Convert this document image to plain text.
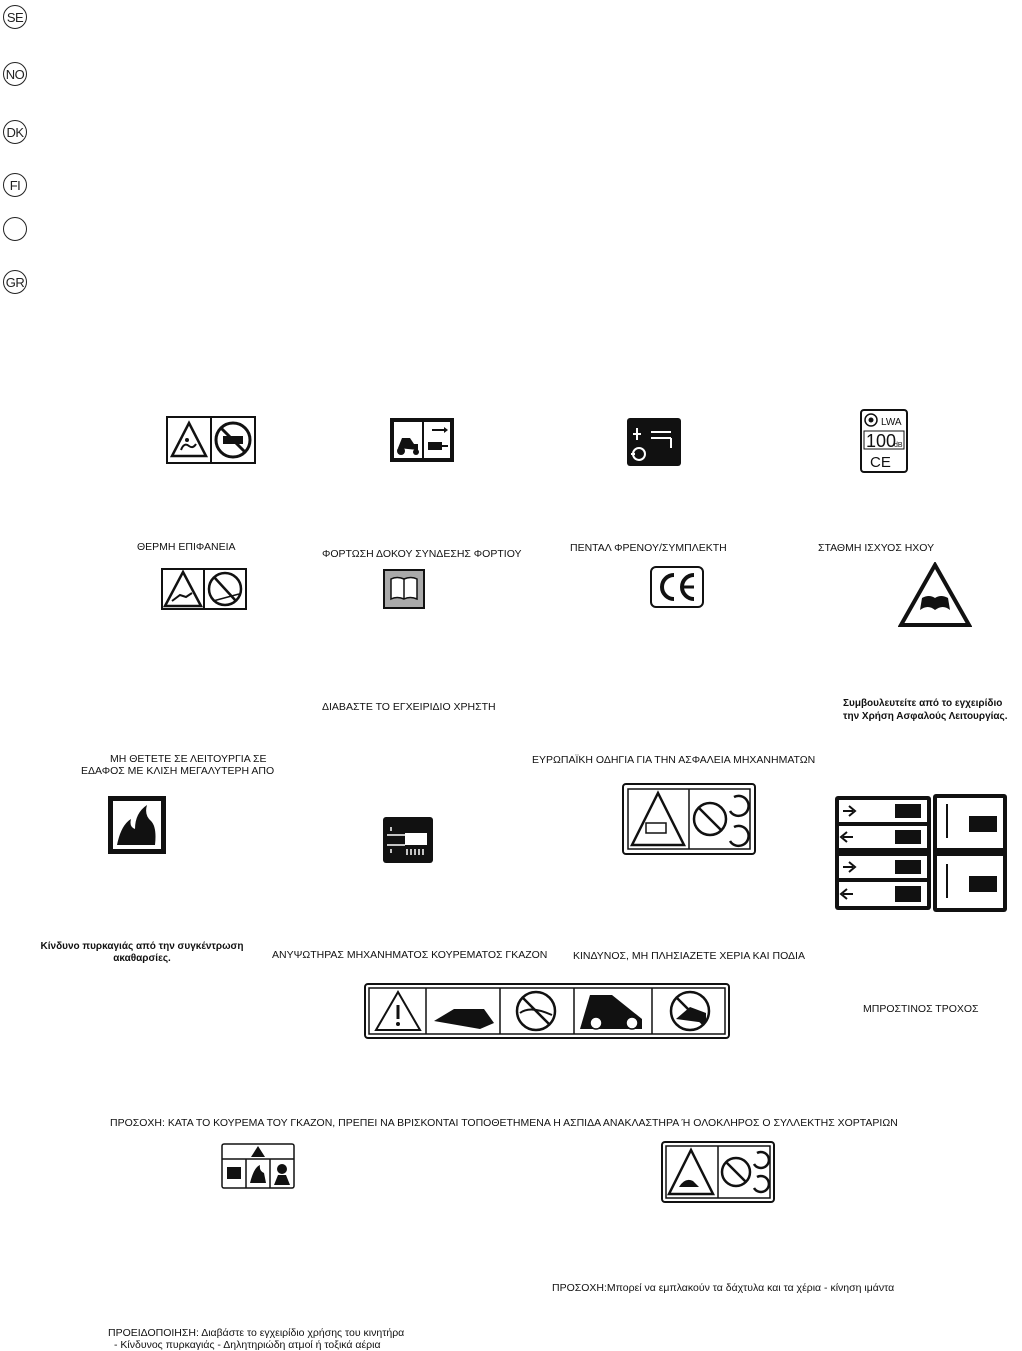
SE
NO
DK
FI
GR
LWA
100
dB
CE
ΘΕΡΜΗ ΕΠΙΦΑΝΕΙΑ
ΦΟΡΤΩΣΗ ΔΟΚΟΥ ΣΥΝΔΕΣΗΣ ΦΟΡΤΙΟΥ	ΠΕΝΤΑΛ ΦΡΕΝΟΥ/ΣΥΜΠΛΕΚΤΗ	ΣΤΑΘΜΗ ΙΣΧΥΟΣ ΗΧΟΥ
ΔΙΑΒΑΣΤΕ ΤΟ ΕΓΧΕΙΡΙΔΙΟ ΧΡΗΣΤΗ	Συμβουλευτείτε από το εγχειρίδιο
την Χρήση Ασφαλούς Λειτουργίας.
ΜΗ ΘΕΤΕΤΕ ΣΕ ΛΕΙΤΟΥΡΓΙΑ ΣΕ
ΕΔΑΦΟΣ ΜΕ ΚΛΙΣΗ ΜΕΓΑΛΥΤΕΡΗ ΑΠΟ
ΕΥΡΩΠΑΪΚΗ ΟΔΗΓΙΑ ΓΙΑ ΤΗΝ ΑΣΦΑΛΕΙΑ ΜΗΧΑΝΗΜΑΤΩΝ
Κίνδυνο πυρκαγιάς από την συγκέντρωση
ακαθαρσίες.	ΑΝΥΨΩΤΗΡΑΣ ΜΗΧΑΝΗΜΑΤΟΣ ΚΟΥΡΕΜΑΤΟΣ ΓΚΑΖΟΝ ΚΙΝΔΥΝΟΣ, ΜΗ ΠΛΗΣΙΑΖΕΤΕ ΧΕΡΙΑ ΚΑΙ ΠΟΔΙΑ
ΜΠΡΟΣΤΙΝΟΣ ΤΡΟΧΟΣ
ΠΡΟΣΟΧΗ: ΚΑΤΑ ΤΟ ΚΟΥΡΕΜΑ ΤΟΥ ΓΚΑΖΟΝ, ΠΡΕΠΕΙ ΝΑ ΒΡΙΣΚΟΝΤΑΙ ΤΟΠΟΘΕΤΗΜΕΝΑ Η ΑΣΠΙΔΑ ΑΝΑΚΛΑΣΤΗΡΑ Ή ΟΛΟΚΛΗΡΟΣ Ο ΣΥΛΛΕΚΤΗΣ ΧΟΡΤΑΡΙΩΝ
ΠΡΟΣΟΧΗ:Μπορεί να εμπλακούν τα δάχτυλα και τα χέρια - κίνηση ιμάντα
ΠΡΟΕΙΔΟΠΟΙΗΣΗ: Διαβάστε το εγχειρίδιο χρήσης του κινητήρα
- Κίνδυνος πυρκαγιάς - Δηλητηριώδη ατμοί ή τοξικά αέρια
